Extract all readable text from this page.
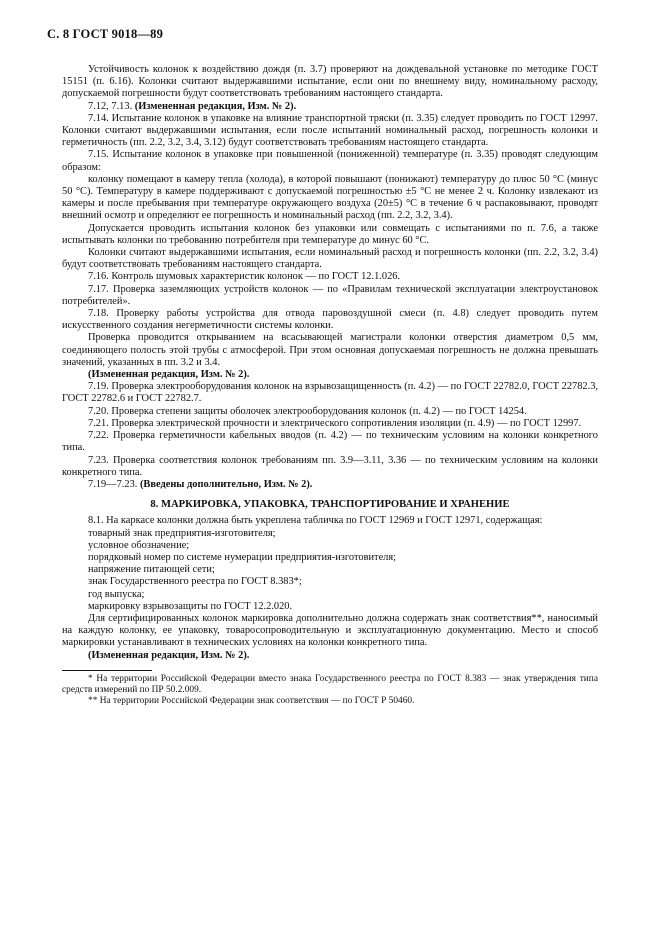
С. 8 ГОСТ 9018—89

Устойчивость колонок к воздействию дождя (п. 3.7) проверяют на дождевальной установке по методике ГОСТ 15151 (п. 6.16). Колонки считают выдержавшими испытание, если они по внешнему виду, номинальному расходу, допускаемой погрешности будут соответствовать требованиям настоящего стандарта.

7.12, 7.13. (Измененная редакция, Изм. № 2).

7.14. Испытание колонок в упаковке на влияние транспортной тряски (п. 3.35) следует проводить по ГОСТ 12997. Колонки считают выдержавшими испытания, если после испытаний номинальный расход, погрешность колонки и герметичность (пп. 2.2, 3.2, 3.4, 3.12) будут соответствовать требованиям настоящего стандарта.

7.15. Испытание колонок в упаковке при повышенной (пониженной) температуре (п. 3.35) проводят следующим образом:

колонку помещают в камеру тепла (холода), в которой повышают (понижают) температуру до плюс 50 °С (минус 50 °С). Температуру в камере поддерживают с допускаемой погрешностью ±5 °С не менее 2 ч. Колонку извлекают из камеры и после пребывания при температуре окружающего воздуха (20±5) °С в течение 6 ч распаковывают, проводят внешний осмотр и определяют ее погрешность и номинальный расход (пп. 2.2, 3.2, 3.4).

Допускается проводить испытания колонок без упаковки или совмещать с испытаниями по п. 7.6, а также испытывать колонки по требованию потребителя при температуре до минус 60 °С.

Колонки считают выдержавшими испытания, если номинальный расход и погрешность колонки (пп. 2.2, 3.2, 3.4) будут соответствовать требованиям настоящего стандарта.

7.16. Контроль шумовых характеристик колонок — по ГОСТ 12.1.026.

7.17. Проверка заземляющих устройств колонок — по «Правилам технической эксплуатации электроустановок потребителей».

7.18. Проверку работы устройства для отвода паровоздушной смеси (п. 4.8) следует проводить путем искусственного создания негерметичности системы колонки.

Проверка проводится открыванием на всасывающей магистрали колонки отверстия диаметром 0,5 мм, соединяющего полость этой трубы с атмосферой. При этом основная допускаемая погрешность не должна превышать значений, указанных в пп. 3.2 и 3.4.

(Измененная редакция, Изм. № 2).

7.19. Проверка электрооборудования колонок на взрывозащищенность (п. 4.2) — по ГОСТ 22782.0, ГОСТ 22782.3, ГОСТ 22782.6 и ГОСТ 22782.7.

7.20. Проверка степени защиты оболочек электрооборудования колонок (п. 4.2) — по ГОСТ 14254.

7.21. Проверка электрической прочности и электрического сопротивления изоляции (п. 4.9) — по ГОСТ 12997.

7.22. Проверка герметичности кабельных вводов (п. 4.2) — по техническим условиям на колонки конкретного типа.

7.23. Проверка соответствия колонок требованиям пп. 3.9—3.11, 3.36 — по техническим условиям на колонки конкретного типа.

7.19—7.23. (Введены дополнительно, Изм. № 2).

8. МАРКИРОВКА, УПАКОВКА, ТРАНСПОРТИРОВАНИЕ И ХРАНЕНИЕ

8.1. На каркасе колонки должна быть укреплена табличка по ГОСТ 12969 и ГОСТ 12971, содержащая:

товарный знак предприятия-изготовителя;
условное обозначение;
порядковый номер по системе нумерации предприятия-изготовителя;
напряжение питающей сети;
знак Государственного реестра по ГОСТ 8.383*;
год выпуска;
маркировку взрывозащиты по ГОСТ 12.2.020.

Для сертифицированных колонок маркировка дополнительно должна содержать знак соответствия**, наносимый на каждую колонку, ее упаковку, товаросопроводительную и эксплуатационную документацию. Место и способ маркировки устанавливают в технических условиях на колонки конкретного типа.

(Измененная редакция, Изм. № 2).

* На территории Российской Федерации вместо знака Государственного реестра по ГОСТ 8.383 — знак утверждения типа средств измерений по ПР 50.2.009.

** На территории Российской Федерации знак соответствия — по ГОСТ Р 50460.
